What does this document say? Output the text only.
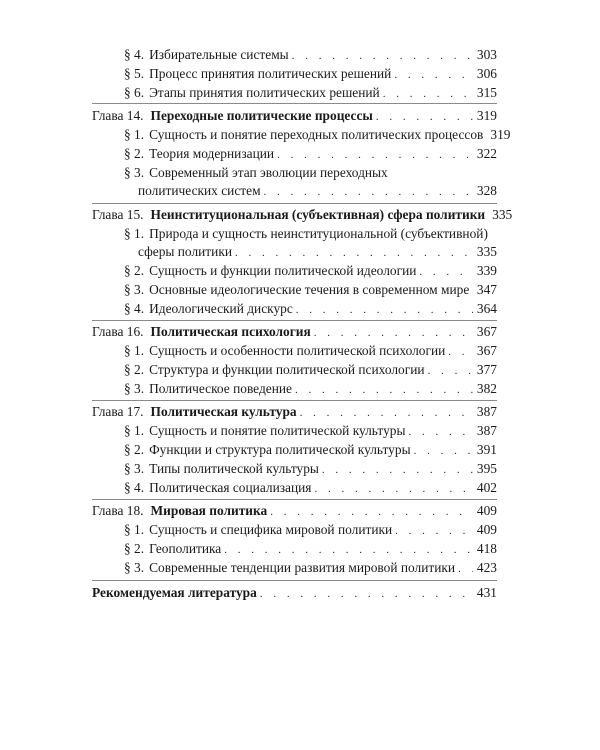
§ 4. Избирательные системы . . .	303
§ 5. Процесс принятия политических решений . . .	306
§ 6. Этапы принятия политических решений . . .	315
Глава 14. Переходные политические процессы . . .	319
§ 1. Сущность и понятие переходных политических процессов 319
§ 2. Теория модернизации . . .	322
§ 3. Современный этап эволюции переходных
политических систем . . .	328
Глава 15. Неинституциональная (субъективная) сфера политики 335
§ 1. Природа и сущность неинституциональной (субъективной)
сферы политики . . .	335
§ 2. Сущность и функции политической идеологии . . .	339
§ 3. Основные идеологические течения в современном мире . . . 347
§ 4. Идеологический дискурс . . .	364
Глава 16. Политическая психология . . .	367
§ 1. Сущность и особенности политической психологии . . . 367
§ 2. Структура и функции политической психологии . . .	377
§ 3. Политическое поведение . . .	382
Глава 17. Политическая культура . . .	387
§ 1. Сущность и понятие политической культуры . . .	387
§ 2. Функции и структура политической культуры . . .	391
§ 3. Типы политической культуры . . .	395
§ 4. Политическая социализация . . .	402
Глава 18. Мировая политика . . .	409
§ 1. Сущность и специфика мировой политики . . .	409
§ 2. Геополитика . . .	418
§ 3. Современные тенденции развития мировой политики . . . 423
Рекомендуемая литература . . .	431
